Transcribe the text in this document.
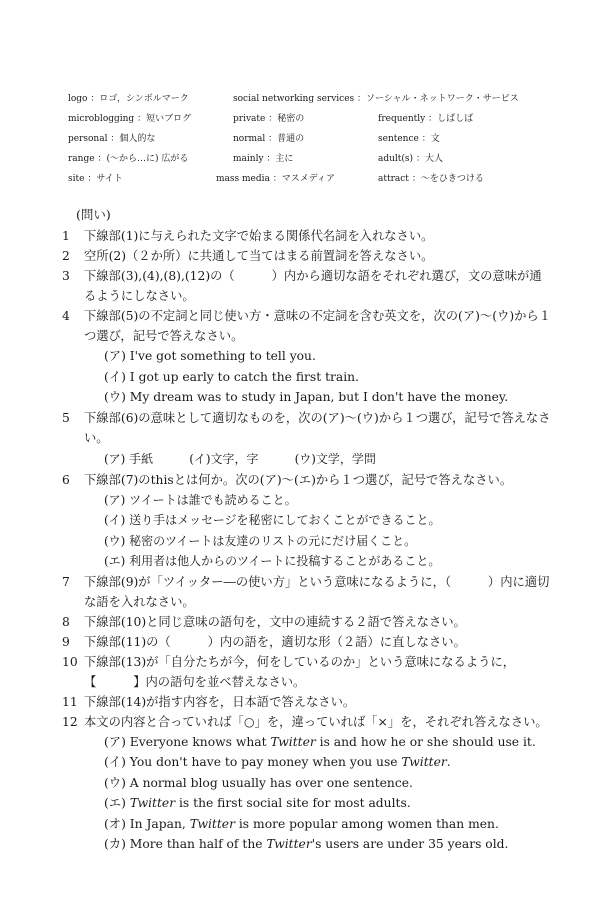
logo ：ロゴ，シンボルマーク	social networking services ：ソーシャル・ネットワーク・サービス
microblogging ：短いブログ	private ：秘密の	frequently ：しばしば
personal ：個人的な	normal ：普通の	sentence ：文
range ：(～から…に) 広がる	mainly ：主に	adult(s) ：大人
site ：サイト	mass media ：マスメディア	attract ：～をひきつける
(問い)
1	下線部(1)に与えられた文字で始まる関係代名詞を入れなさい。
2	空所(2)（２か所）に共通して当てはまる前置詞を答えなさい。
3	下線部(3),(4),(8),(12)の（　　　）内から適切な語をそれぞれ選び，文の意味が通るようにしなさい。
4	下線部(5)の不定詞と同じ使い方・意味の不定詞を含む英文を，次の(ア)～(ウ)から１つ選び，記号で答えなさい。
(ア) I've got something to tell you.
(イ) I got up early to catch the first train.
(ウ) My dream was to study in Japan, but I don't have the money.
5	下線部(6)の意味として適切なものを，次の(ア)～(ウ)から１つ選び，記号で答えなさい。
(ア) 手紙	(イ)文字，字	(ウ)文学，学問
6	下線部(7)のthisとは何か。次の(ア)～(エ)から１つ選び，記号で答えなさい。
(ア) ツイートは誰でも読めること。
(イ) 送り手はメッセージを秘密にしておくことができること。
(ウ) 秘密のツイートは友達のリストの元にだけ届くこと。
(エ) 利用者は他人からのツイートに投稿することがあること。
7	下線部(9)が「ツイッター―の使い方」という意味になるように，（　　　）内に適切な語を入れなさい。
8	下線部(10)と同じ意味の語句を，文中の連続する２語で答えなさい。
9	下線部(11)の（　　　）内の語を，適切な形（２語）に直しなさい。
10 下線部(13)が「自分たちが今，何をしているのか」という意味になるように，【　　　】内の語句を並べ替えなさい。
11 下線部(14)が指す内容を，日本語で答えなさい。
12 本文の内容と合っていれば「○」を，違っていれば「×」を，それぞれ答えなさい。
(ア) Everyone knows what Twitter is and how he or she should use it.
(イ) You don't have to pay money when you use Twitter.
(ウ) A normal blog usually has over one sentence.
(エ) Twitter is the first social site for most adults.
(オ) In Japan, Twitter is more popular among women than men.
(カ) More than half of the Twitter's users are under 35 years old.
